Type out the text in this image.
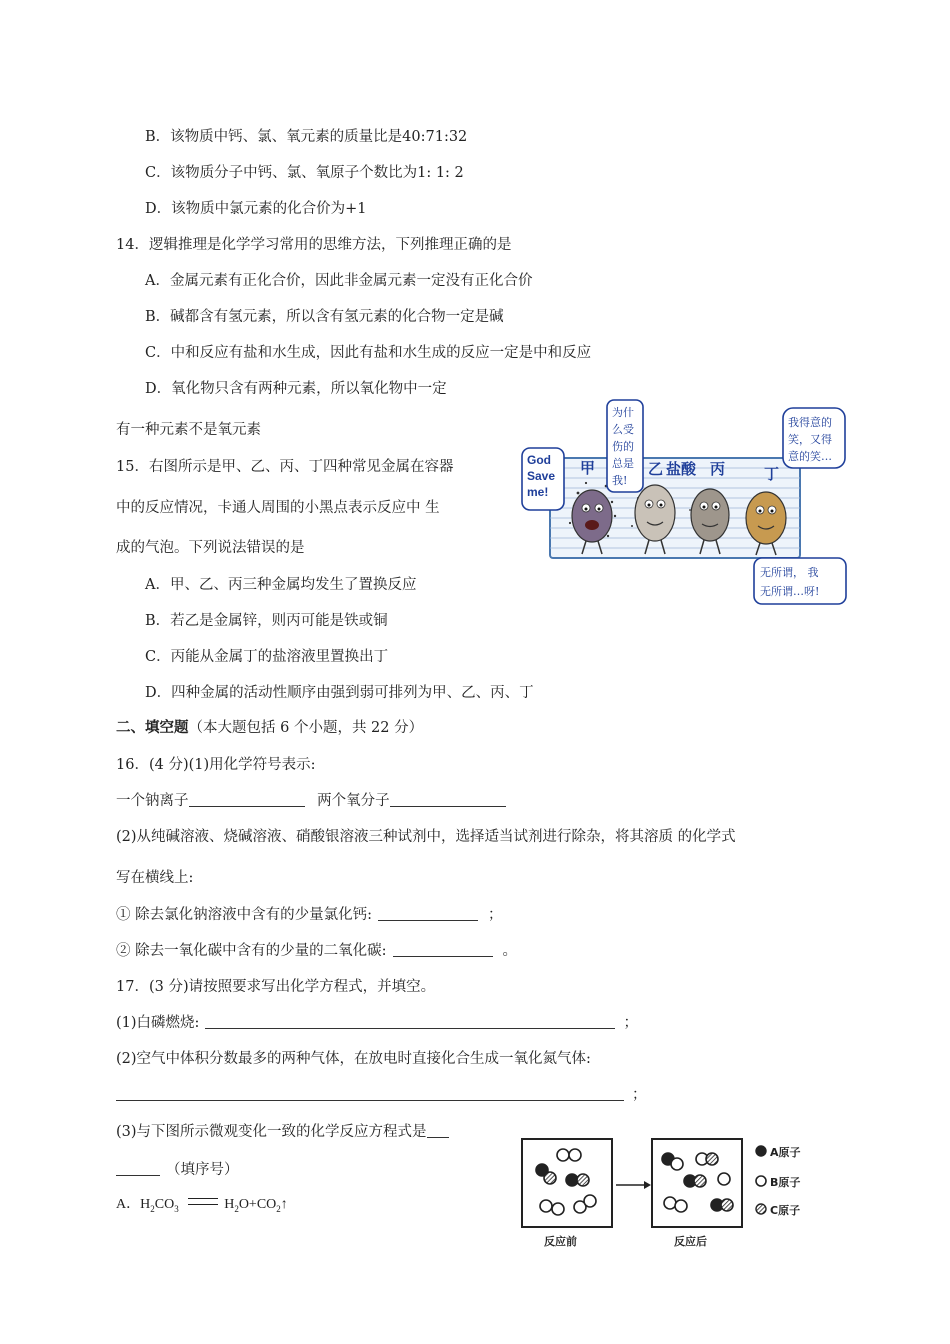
B．该物质中钙、氯、氧元素的质量比是40:71:32
C．该物质分子中钙、氯、氧原子个数比为1: 1: 2
D．该物质中氯元素的化合价为+1
14．逻辑推理是化学学习常用的思维方法，下列推理正确的是
A．金属元素有正化合价，因此非金属元素一定没有正化合价
B．碱都含有氢元素，所以含有氢元素的化合物一定是碱
C．中和反应有盐和水生成，因此有盐和水生成的反应一定是中和反应
D．氧化物只含有两种元素，所以氧化物中一定
有一种元素不是氧元素
15．右图所示是甲、乙、丙、丁四种常见金属在容器
中的反应情况，卡通人周围的小黑点表示反应中 生
成的气泡。下列说法错误的是
A．甲、乙、丙三种金属均发生了置换反应
B．若乙是金属锌，则丙可能是铁或铜
C．丙能从金属丁的盐溶液里置换出丁
D．四种金属的活动性顺序由强到弱可排列为甲、乙、丙、丁
甲	乙 盐酸 丙	丁
God
Save
me!
为什
么受
伤的
总是
我!
我得意的
笑，又得
意的笑…
无所谓， 我
无所谓…呀!
二、填空题（本大题包括 6 个小题，共 22 分）
16．(4 分)(1)用化学符号表示:
一个钠离子	两个氧分子
(2)从纯碱溶液、烧碱溶液、硝酸银溶液三种试剂中，选择适当试剂进行除杂，将其溶质 的化学式
写在横线上:
① 除去氯化钠溶液中含有的少量氯化钙:	；
② 除去一氧化碳中含有的少量的二氧化碳:	。
17．(3 分)请按照要求写出化学方程式，并填空。
(1)白磷燃烧:	；
(2)空气中体积分数最多的两种气体，在放电时直接化合生成一氧化氮气体:
；
(3)与下图所示微观变化一致的化学反应方程式是
（填序号）
A．$H_2CO_3$	$H_2O+CO_2↑$
A原子
B原子
C原子
反应前	反应后
